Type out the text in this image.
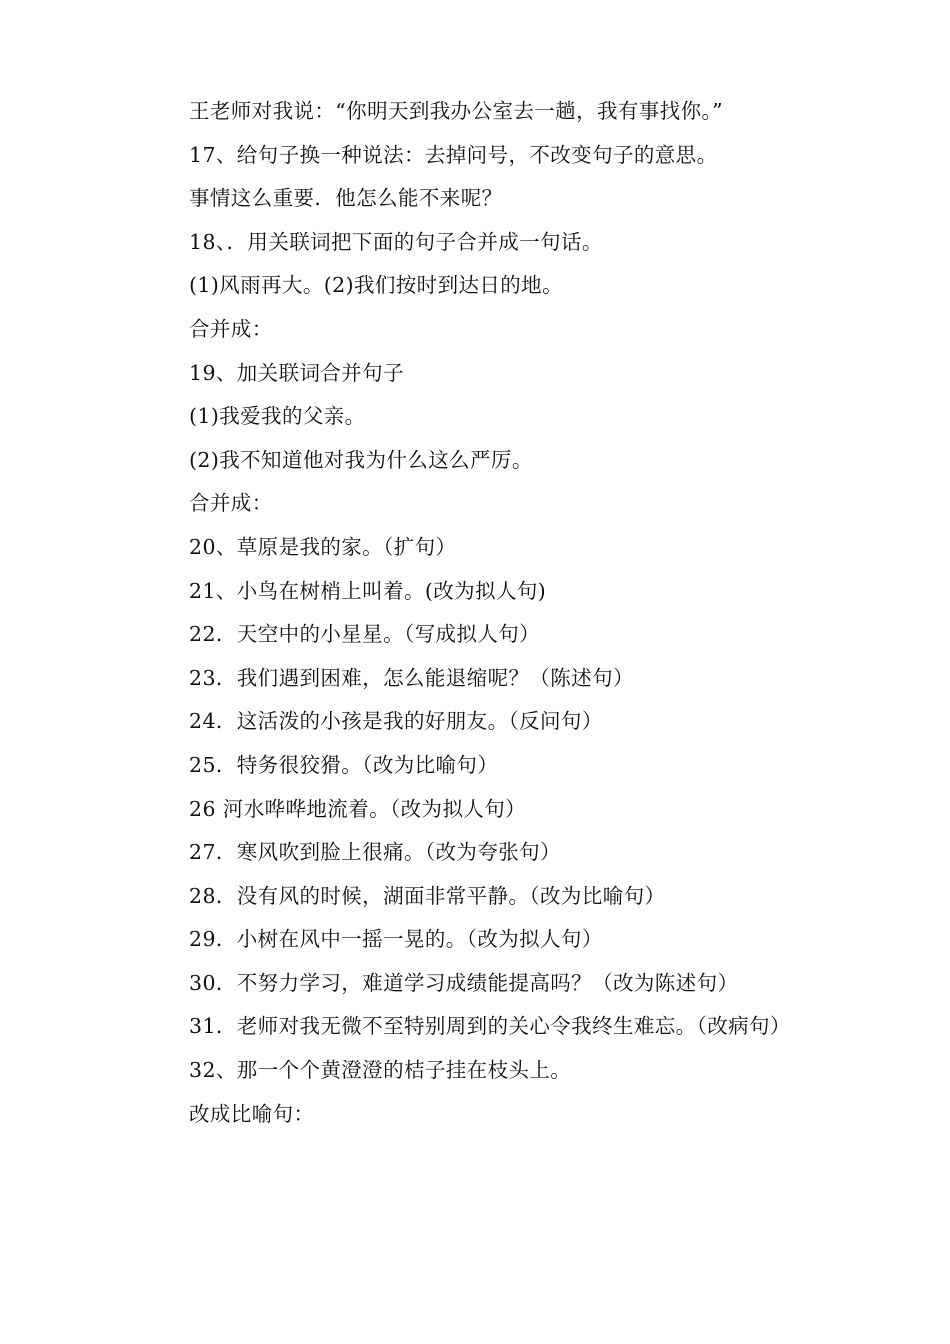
王老师对我说：“你明天到我办公室去一趟，我有事找你。”
17、给句子换一种说法：去掉问号，不改变句子的意思。
事情这么重要．他怎么能不来呢？
18、．用关联词把下面的句子合并成一句话。
(1)风雨再大。(2)我们按时到达日的地。
合并成：
19、加关联词合并句子
(1)我爱我的父亲。
(2)我不知道他对我为什么这么严厉。
合并成：
20、草原是我的家。（扩句）
21、小鸟在树梢上叫着。(改为拟人句)
22．天空中的小星星。（写成拟人句）
23．我们遇到困难，怎么能退缩呢？（陈述句）
24．这活泼的小孩是我的好朋友。（反问句）
25．特务很狡猾。（改为比喻句）
26 河水哗哗地流着。（改为拟人句）
27．寒风吹到脸上很痛。（改为夸张句）
28．没有风的时候，湖面非常平静。（改为比喻句）
29．小树在风中一摇一晃的。（改为拟人句）
30．不努力学习，难道学习成绩能提高吗？（改为陈述句）
31．老师对我无微不至特别周到的关心令我终生难忘。（改病句）
32、那一个个黄澄澄的桔子挂在枝头上。
改成比喻句：
